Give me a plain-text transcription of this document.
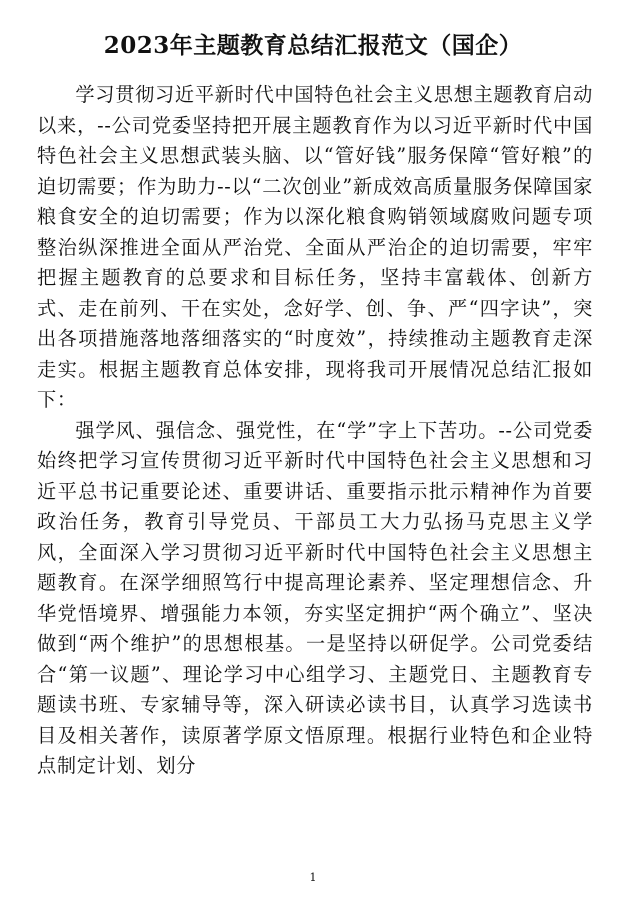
2023年主题教育总结汇报范文（国企）

学习贯彻习近平新时代中国特色社会主义思想主题教育启动以来，--公司党委坚持把开展主题教育作为以习近平新时代中国特色社会主义思想武装头脑、以“管好钱”服务保障“管好粮”的迫切需要；作为助力--以“二次创业”新成效高质量服务保障国家粮食安全的迫切需要；作为以深化粮食购销领域腐败问题专项整治纵深推进全面从严治党、全面从严治企的迫切需要，牢牢把握主题教育的总要求和目标任务，坚持丰富载体、创新方式、走在前列、干在实处，念好学、创、争、严“四字诀”，突出各项措施落地落细落实的“时度效”，持续推动主题教育走深走实。根据主题教育总体安排，现将我司开展情况总结汇报如下：

强学风、强信念、强党性，在“学”字上下苦功。--公司党委始终把学习宣传贯彻习近平新时代中国特色社会主义思想和习近平总书记重要论述、重要讲话、重要指示批示精神作为首要政治任务，教育引导党员、干部员工大力弘扬马克思主义学风，全面深入学习贯彻习近平新时代中国特色社会主义思想主题教育。在深学细照笃行中提高理论素养、坚定理想信念、升华党悟境界、增强能力本领，夯实坚定拥护“两个确立”、坚决做到“两个维护”的思想根基。一是坚持以研促学。公司党委结合“第一议题”、理论学习中心组学习、主题党日、主题教育专题读书班、专家辅导等，深入研读必读书目，认真学习选读书目及相关著作，读原著学原文悟原理。根据行业特色和企业特点制定计划、划分

1
